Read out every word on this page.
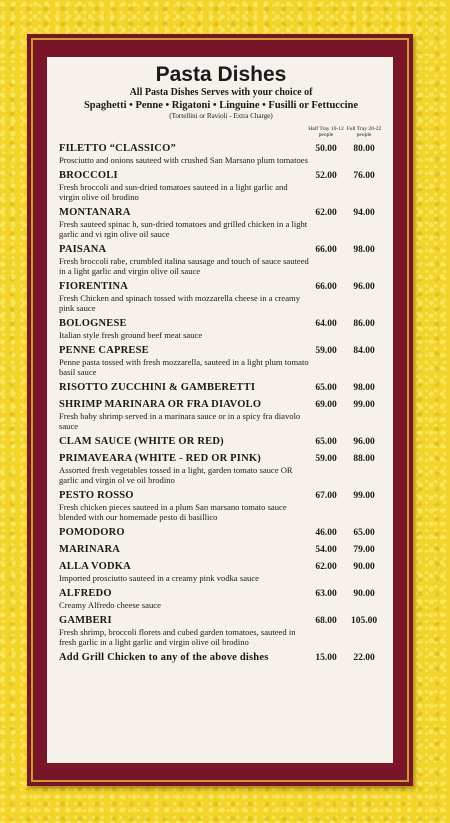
Pasta Dishes
All Pasta Dishes Serves with your choice of
Spaghetti • Penne • Rigatoni • Linguine • Fusilli or Fettuccine
(Tortellini or Ravioli - Extra Charge)
Half Tray 10-12 people
Full Tray 20-22 people
FILETTO “CLASSICO”	50.00	80.00
Prosciutto and onions sauteed with crushed San Marsano plum tomatoes
BROCCOLI	52.00	76.00
Fresh broccoli and sun-dried tomatoes sauteed in a light garlic and virgin olive oil brodino
MONTANARA	62.00	94.00
Fresh sauteed spinac h, sun-dried tomatoes and grilled chicken in a light garlic and vi rgin olive oil sauce
PAISANA	66.00	98.00
Fresh broccoli rabe, crumbled italina sausage and touch of sauce sauteed in a light garlic and virgin olive oil sauce
FIORENTINA	66.00	96.00
Fresh Chicken and spinach tossed with mozzarella cheese in a creamy pink sauce
BOLOGNESE	64.00	86.00
Italian style fresh ground beef meat sauce
PENNE CAPRESE	59.00	84.00
Penne pasta tossed with fresh mozzarella, sauteed in a light plum tomato basil sauce
RISOTTO ZUCCHINI & GAMBERETTI	65.00	98.00
SHRIMP MARINARA OR FRA DIAVOLO	69.00	99.00
Fresh baby shrimp served in a marinara sauce or in a spicy fra diavolo sauce
CLAM SAUCE (WHITE OR RED)	65.00	96.00
PRIMAVEARA (WHITE - RED OR PINK)	59.00	88.00
Assorted fresh vegetables tossed in a light, garden tomato sauce OR garlic and virgin ol ve oil brodino
PESTO ROSSO	67.00	99.00
Fresh chicken pieces sauteed in a plum San marsano tomato sauce blended with our homemade pesto di basillico
POMODORO	46.00	65.00
MARINARA	54.00	79.00
ALLA VODKA	62.00	90.00
Imported prosciutto sauteed in a creamy pink vodka sauce
ALFREDO	63.00	90.00
Creamy Alfredo cheese sauce
GAMBERI	68.00	105.00
Fresh shrimp, broccoli florets and cubed garden tomatoes, sauteed in fresh garlic in a light garlic and virgin olive oil brodino
Add Grill Chicken to any of the above dishes	15.00	22.00
